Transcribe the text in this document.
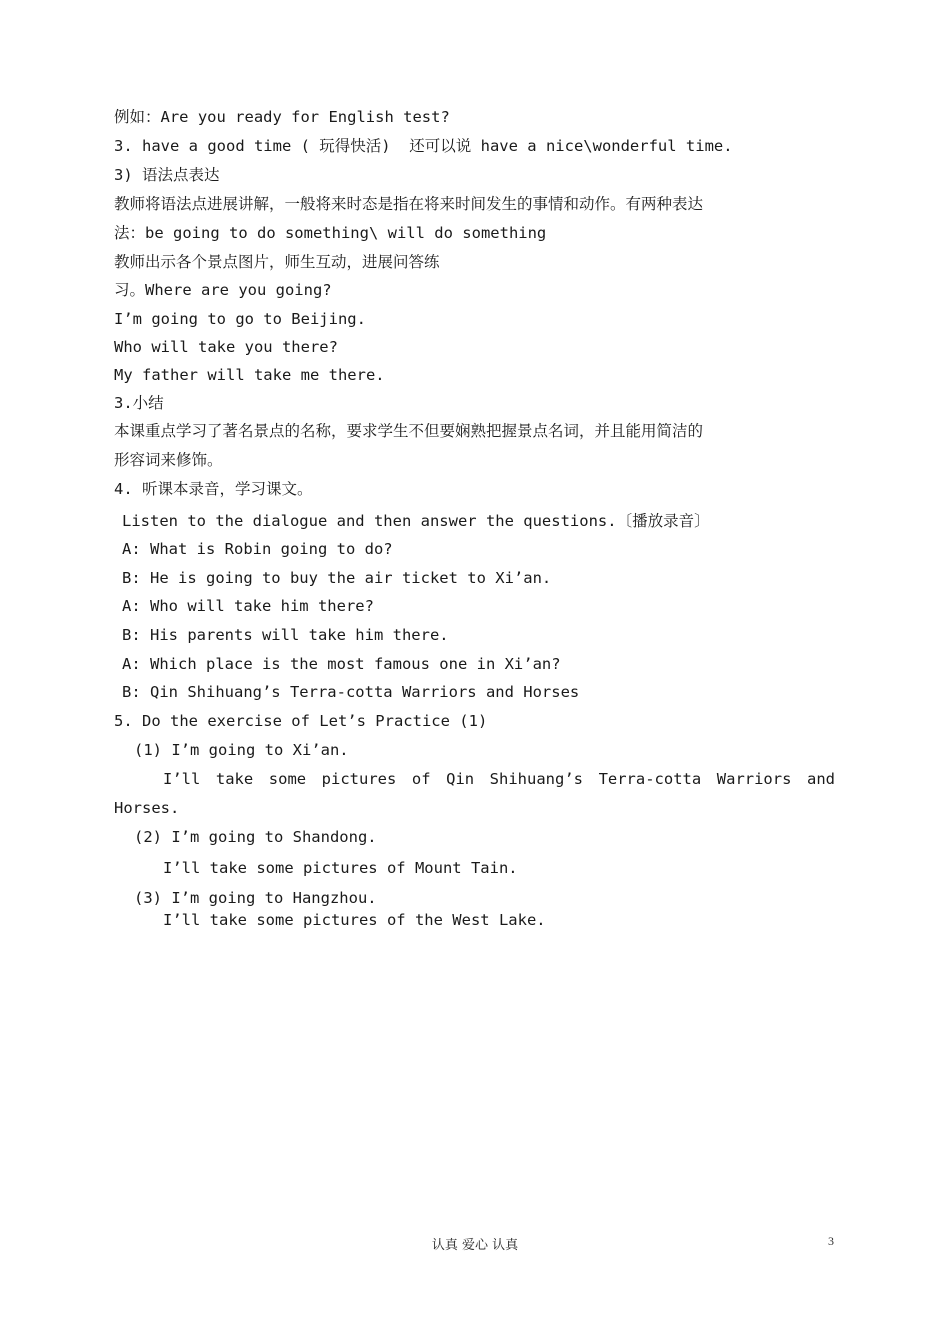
例如：Are you ready for English test?
3. have a good time ( 玩得快活)  还可以说 have a nice\wonderful time.
3) 语法点表达
教师将语法点进展讲解，一般将来时态是指在将来时间发生的事情和动作。有两种表达
法：be going to do something\ will do something
教师出示各个景点图片，师生互动，进展问答练
习。Where are you going?
I’m going to go to Beijing.
Who will take you there?
My father will take me there.
3.小结
本课重点学习了著名景点的名称，要求学生不但要娴熟把握景点名词，并且能用简洁的
形容词来修饰。
4. 听课本录音，学习课文。
Listen to the dialogue and then answer the questions.〔播放录音〕
A: What is Robin going to do?
B: He is going to buy the air ticket to Xi’an.
A: Who will take him there?
B: His parents will take him there.
A: Which place is the most famous one in Xi’an?
B: Qin Shihuang’s Terra-cotta Warriors and Horses
5. Do the exercise of Let’s Practice (1)
(1) I’m going to Xi’an.
I’ll take some pictures of Qin Shihuang’s Terra-cotta Warriors and
Horses.
(2) I’m going to Shandong.
I’ll take some pictures of Mount Tain.
(3) I’m going to Hangzhou.
I’ll take some pictures of the West Lake.
认真 爱心 认真	3
